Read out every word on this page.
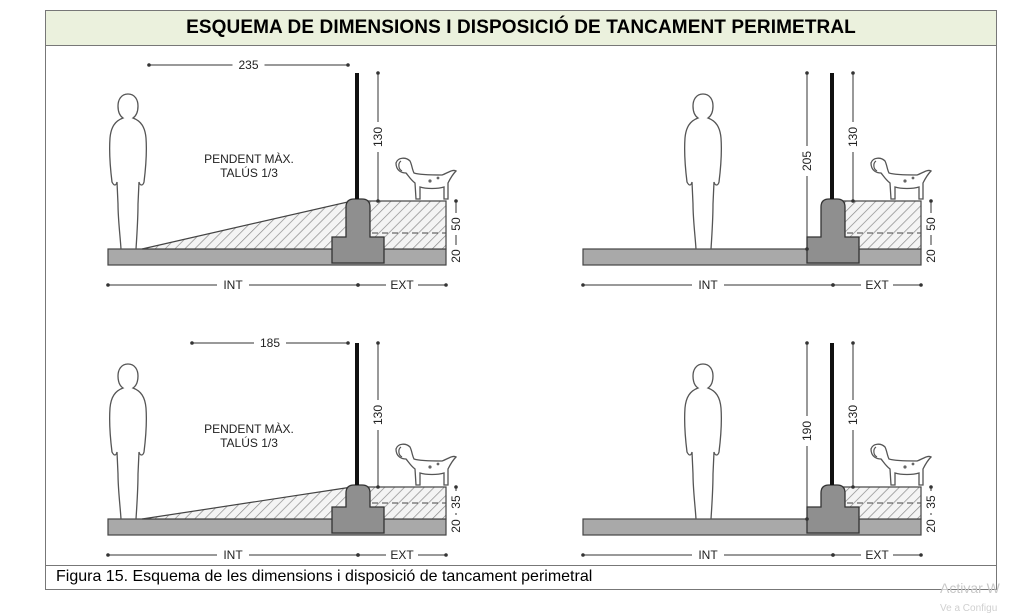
ESQUEMA DE DIMENSIONS I DISPOSICIÓ DE TANCAMENT PERIMETRAL
130
50
20
235
PENDENT MÀX.
TALÚS 1/3
INT	EXT
130
50
20
205
INT	EXT
130
35
20
185
PENDENT MÀX.
TALÚS 1/3
INT	EXT
130
35
20
190
INT	EXT
Figura 15. Esquema de les dimensions i disposició de tancament perimetral
Activar W
Ve a Configu
